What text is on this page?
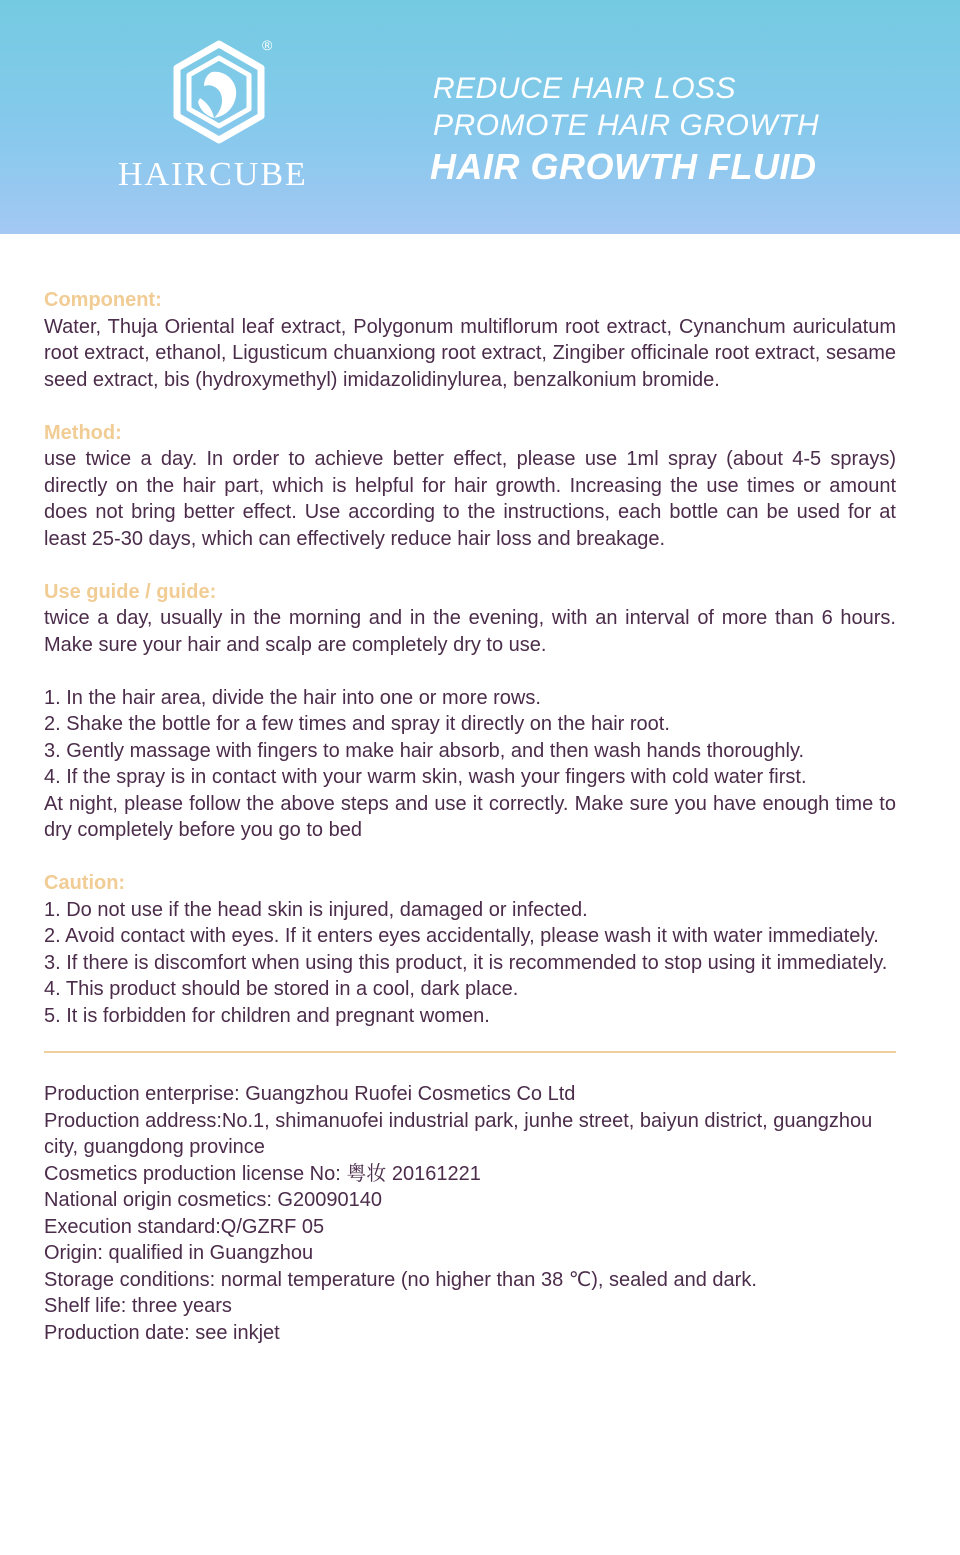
®
HAIRCUBE
REDUCE HAIR LOSS
PROMOTE HAIR GROWTH
HAIR GROWTH FLUID
Component:
Water, Thuja Oriental leaf extract, Polygonum multiflorum root extract, Cynanchum auriculatum root extract, ethanol, Ligusticum chuanxiong root extract, Zingiber officinale root extract, sesame seed extract, bis (hydroxymethyl) imidazolidinylurea, benzalkonium bromide.
Method:
use twice a day. In order to achieve better effect, please use 1ml spray (about 4-5 sprays) directly on the hair part, which is helpful for hair growth. Increasing the use times or amount does not bring better effect. Use according to the instructions, each bottle can be used for at least 25-30 days, which can effectively reduce hair loss and breakage.
Use guide / guide:
twice a day, usually in the morning and in the evening, with an interval of more than 6 hours. Make sure your hair and scalp are completely dry to use.
1. In the hair area, divide the hair into one or more rows.
2. Shake the bottle for a few times and spray it directly on the hair root.
3. Gently massage with fingers to make hair absorb, and then wash hands thoroughly.
4. If the spray is in contact with your warm skin, wash your fingers with cold water first.
At night, please follow the above steps and use it correctly. Make sure you have enough time to dry completely before you go to bed
Caution:
1. Do not use if the head skin is injured, damaged or infected.
2. Avoid contact with eyes. If it enters eyes accidentally, please wash it with water immediately.
3. If there is discomfort when using this product, it is recommended to stop using it immediately.
4. This product should be stored in a cool, dark place.
5. It is forbidden for children and pregnant women.
Production enterprise: Guangzhou Ruofei Cosmetics Co Ltd
Production address:No.1, shimanuofei industrial park, junhe street, baiyun district, guangzhou city, guangdong province
Cosmetics production license No: 粤妆 20161221
National origin cosmetics: G20090140
Execution standard:Q/GZRF 05
Origin: qualified in Guangzhou
Storage conditions: normal temperature (no higher than 38 ℃), sealed and dark.
Shelf life: three years
Production date: see inkjet
